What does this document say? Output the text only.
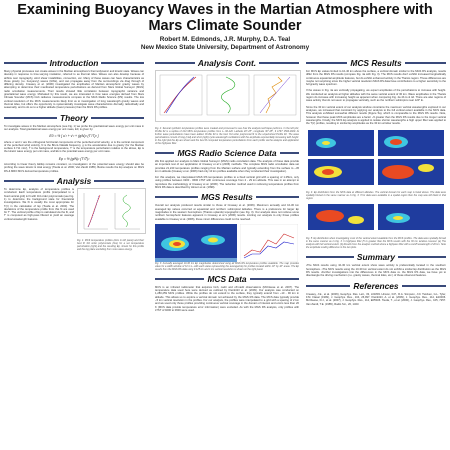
Examining Buoyancy Waves in the Martian Atmosphere with
Mars Climate Sounder
Robert M. Edmonds, J.R. Murphy, D.A. Teal
New Mexico State University, Department of Astronomy
Introduction
Many physical processes can create waves in the Martian atmosphere's thermodynamic and kinetic state. Waves can develop in response to time-varying insolation, referred to as thermal tides. Waves can also develop because of airflow over topography, wind shear instabilities, convection, etc. Many of these waves can have characteristics as those gravity (i.e. buoyancy) waves (GWs), and can propagate away from the surroundings via drag through of differing density. Creasey et al. (2006) investigated the amplitudes of Martian atmospheric gravity waves by attempting to determine their manifested temperature perturbations as derived from Mars Global Surveyor (MGS) radio occultation measurements. Their results showed little correlation between topographic variance and gravitational wave energy. Motivated by this result, we are interested in how wave energies derived from Mars Climate Sounder (MCS) limb radiance measurements compare to the MGS Radio Science (RS) results. The low vertical resolution of the MCS measurements likely limit us to investigation of long wavelength gravity waves and thermal tides, but offers the opportunity to systematically investigate wave characteristics diurnally, latitudinally and seasonally, and to do so to a higher altitude (lower pressure) than the MGS RS profiles.
Theory
To investigate waves in the Martian atmosphere (see Fig. 1) we probe the gravitational wave energy per unit mass in our analysis. Total gravitational wave energy per unit mass, E0, is given by:
E0 = ½ [ u'² + v'² + (g/N)² (T'/T)² ]
where u' and v' are the orthogonal horizontal components of the perturbed wind velocity, w is the vertical component of the perturbed wind velocity, N is the Brunt-Väisälä frequency, g is the acceleration due to gravity (for the Martian surface 3.711 m/s²), T̄ is the background temperature, T' is the temperature perturbation relative to the above, Ep is the kinetic wave energy per unit mass, and Ek is the potential wave energy per unit mass.
Ep = ½ (g/N)² (T'/T̄)²
According to linear theory Ek/Ep remains constant, so investigation of the potential wave energy should also be probing the wave kinetic & total energy (Tsuda et al. 2000; Van Zandt 1985). Below results the Ep analysis on MGS RS & MRO MCS derived temperature profiles.
Analysis
To determine Ep, analysis of temperature profiles is conducted. Each temperature profile (interpolated to a fixed vertical grid) is fit with 3rd order polynomials (see Fig. 1) to determine the background state for theoretical investigations. We fit is usually the most appropriate for T(z) in the calculation of Ep (Tsuda et al. 2000). The deviations of the temperature profile from this fit are used for T'. The vertical profile of Ep is calculated via the fit, and T' is computed as high-pass filtered to yield an average vertical wavelength features.
Fig. 1: MCS temperature profiles (dots in left panel) and their best fit 3rd order polynomials (line) for a set temperature perturbation (right) and the resulting Ep, shown for this profile and the log plane excluding from more wave energy.
Analysis Cont.
Fig. 2: Several synthetic temperature profiles were created and processed to see how the analysis technique performs. In the left plot, Profile #2 is a replica of 214 MCS temperature profiles from Lₛ 90-120. Latitude 20°-25°, Longitude 30°-45°, 9 LTST 1500-1600. At further wave perturbations have been added. Profile #4 is the best 3rd order polynomial fit to the unperturbed Profile #2. The wave perturbations consist of long (mid) and short (right) cycle wavelength oscillations with the amplitude exponentially increasing with height. In the right plot the Ep are shown and the best fit computed temperature perturbations from each profile via the analysis and application of the highpass filter.
MGS Radio Science Data
We first applied our analysis to Mars Global Surveyor (MGS) radio occultation data. The analysis of these data provide an important test of our application of Creasey et al.'s (2006) methods. The complete MGS radio occultation data set provides 21,243 temperature profiles ranging from the Martian surface and typically extending from the surface to ~45 km in altitude (Creasey et al. (2006) had only 10 km profiles available when they conducted their investigation).
For this analysis, we interpolated MGS RS temperature profiles to a fixed vertical grid with a spacing of 1.25km, only using profiles between 0200 - 0600 LTST with continuous coverage from 2 - 29 km altitude. This was in an attempt to reproduce the methodology of Creasey et al. (2006). The reduction method used in retrieving temperature profiles from MGS RS data is described by Hinson et al. (1999).
MGS Results
Overall our analysis produced results similar to those of Creasey et al. (2006). Maximum annually and 10-30 km averaged Ep values occurred at equatorial and northern subtropical latitudes. There is a preference for larger Ep magnitudes in the western hemisphere (Tharsis uplands) topographic (see Fig. 3). Our analysis does not retrieve some northern hemispheric features apparent in Creasey et al.'s (2006) results. Limiting our analysis to only those profiles available to Creasey et al. (2006), these minor differences could not be resolved.
Fig. 3: Annually averaged 10-30 km Ep magnitudes determined using all MGS RS temperature profiles available. The map provides value for a width window of ±2 in Lₛ with each value representing the averaged Ep for profiles located within 10° by 10° areas. The Ep results from the MGS RS data using 0.125 km and 1 km vertical resolution is shown on the right panel.
MCS Data
MCS is an infrared radiometer that acquires limb, nadir and off-nadir observations (McCleese et al. 2007). The temperature data used here were derived as outlined by Kleinböhl et al. (2009). Our analysis was conducted on 1,280,259 MCS profiles. While the profiles do not extend to the surface, they typically extend from ~10 - 90 km in altitude. This allows us to explore a vertical domain not achieved by the MGS RS data. The MCS data typically provide ~5 km vertical resolution in the profiles. For our analysis, the profiles were interpolated to a grid with a spacing of 2 km and we used only those profiles providing continuous vertical coverage in the domain of interest and errors less than 20 K (MCS data provide temperature error information) were excluded. As with the MGS RS analysis, only profiles with LTST of 0200 to 0600 were used.
MCS Results
For MCS Ep values limited to 10-40 km above the surface, a vertical domain similar to the MGS RS analysis, results differ from the MGS RS results (compare Fig. 4a with Fig. 3). The MCS results don't exhibit increased longitudinally continuous equatorial amplitude features, but do exhibit enhanced activity in the Tharsis region. These differences are maybe not surprising since the higher vertical resolution MGS RS data have contributions to a higher sensitivity to the full gravity wave spectrum.
If the waves in Fig. 4a are vertically propagating, we expect amplitudes of the perturbations to increase with height. We conducted an analysis at higher altitudes with the same vertical extent of 30 km. Wave amplitudes in the Tharsis region do increase with increasing height as apparent when comparing Fig. 4a 4b to & 4d. There are also regions of wave activity that do not seem to propagate vertically, such as the northern subtropics near 120° E.
Since the 30 km vertical extent of our analysis window constrains the maximum vertical wavelengths explored in our analyses, we increased that constraint by applying our analysis to the full vertical extent available in the MCS data. This analysis exhibited somewhat different results (Figure 5a), which is comparable to the MGS RS results. Note, however that these peak MCS amplitudes are a factor ~5 greater than the MGS RS results due to the longer vertical wavelengths. Finally, the MCS Ep analysis is applied to isolate shorter wavelengths a high upper filter was applied to the T(z) profiles, resulting in similar Ep amplitudes as the 30 km window results.
Fig. 4: Ep distribution from the MCS data at different altitudes. The vertical domain for each map is listed above. The data were spatially binned to the same manner as in Fig. 3. If for data were available in a spatial region then the map was left blank in that region.
Fig. 5: Ep distribution when investigating most of the vertical extent available from the MCS profiles. The data were spatially binned in the same manner as in Fig. 3. In highpass filter (5 to greater than the MCS results with the 30 km window covered. (a) The analysis with full vertical extent. (b) Results from the analysis method where a highpass filter with a cutoff wavelength of 20 km. Note the amplitude scaling difference in the two plots.
Summary
•The MGS results using 10-30 km vertical extent show wave activity is preferentially located in the southern hemisphere. •The MCS results using the 10-30 km vertical extent do not exhibit a similar Ep distribution as the MGS RS results. •Further investigations into the differences in the MCS data vs. the MGS RS data, we have yet to disentangle the driving mechanism (i.e. gravity waves, thermal tides, etc.) of these observed features.
References
Creasey, J.E., et al. (2006), Geophys. Res. Lett., 33, L01803. Hinson, D.P., R.A. Simpson, J.D. Twicken, G.L. Tyler, F.M. Flasar (1999), J. Geophys. Res., 104, 26,997. Kleinböhl, A. et al. (2009), J. Geophys. Res., 114, E10006. McCleese, D.J., et al. (2007), J. Geophys. Res., 112, E05S06. Tsuda, T., et al. (2000), J. Geophys. Res., 105, 7257. Van Zandt, T.E. (1985), Radio Sci., 20, 1323.
